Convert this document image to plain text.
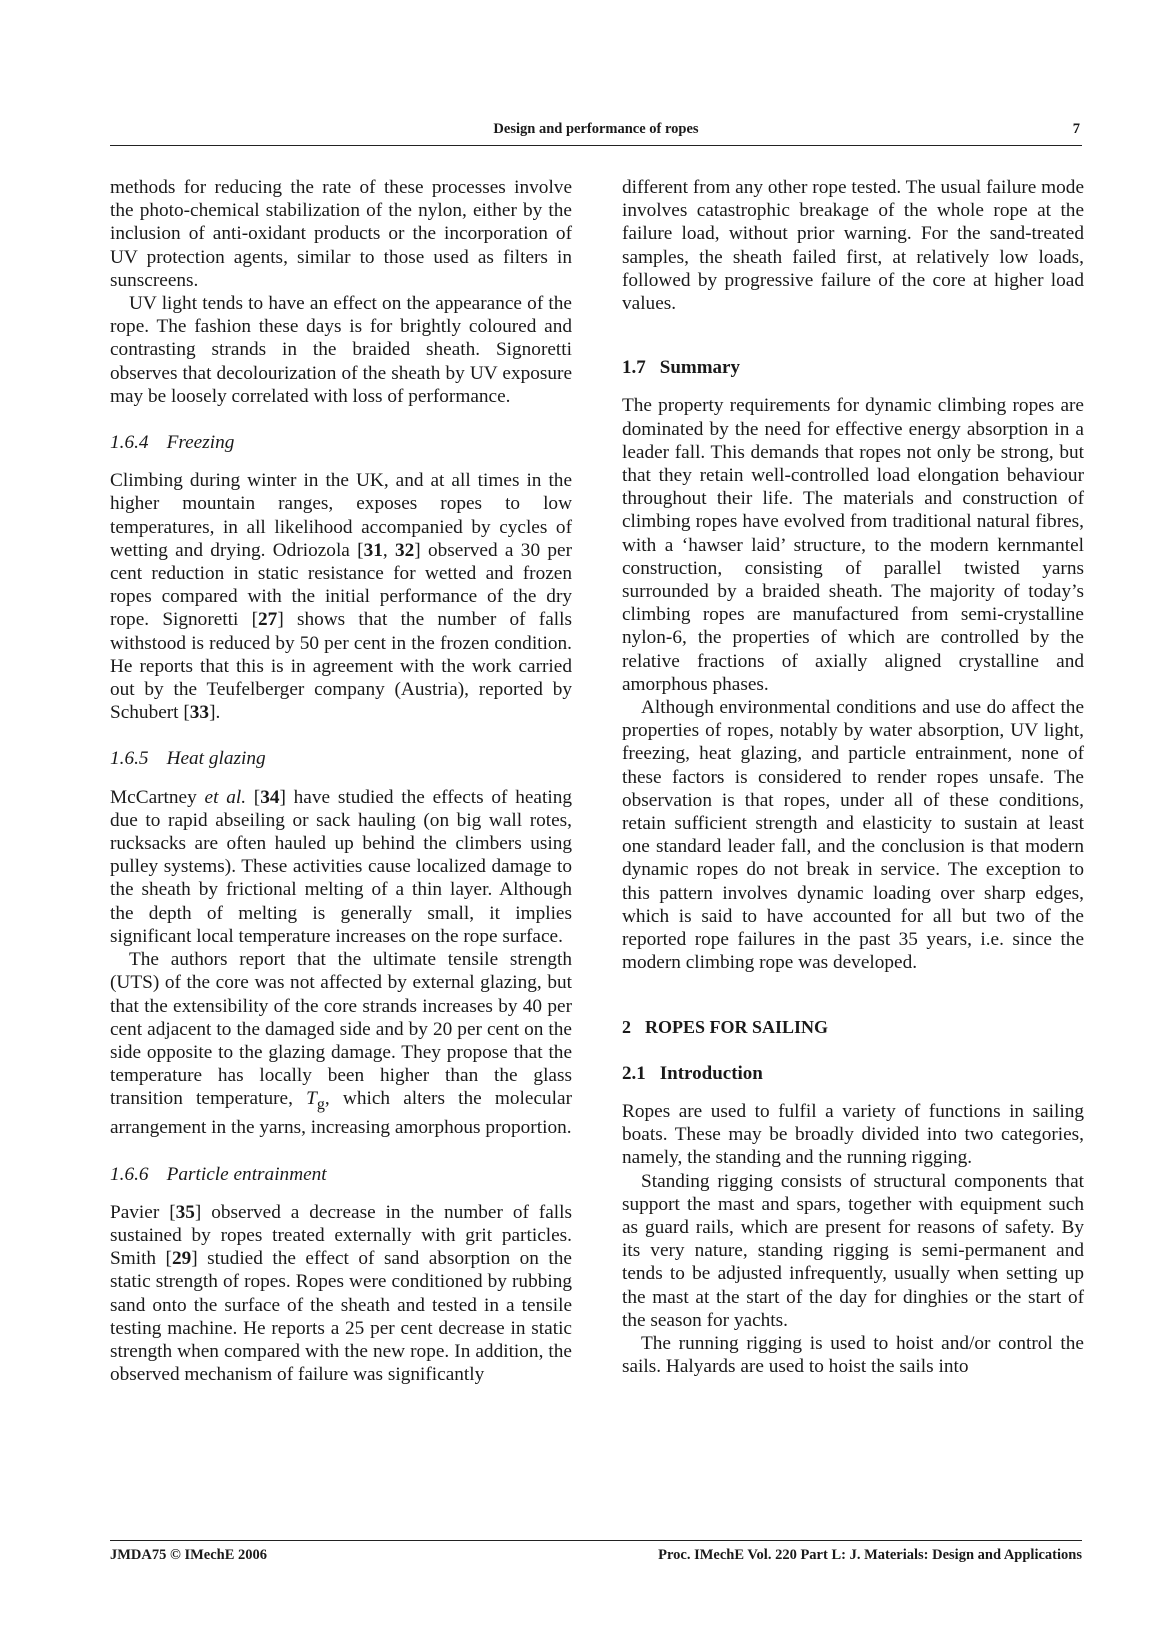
Design and performance of ropes	7

methods for reducing the rate of these processes involve the photo-chemical stabilization of the nylon, either by the inclusion of anti-oxidant products or the incorporation of UV protection agents, similar to those used as filters in sunscreens.

UV light tends to have an effect on the appearance of the rope. The fashion these days is for brightly coloured and contrasting strands in the braided sheath. Signoretti observes that decolourization of the sheath by UV exposure may be loosely correlated with loss of performance.

1.6.4 Freezing

Climbing during winter in the UK, and at all times in the higher mountain ranges, exposes ropes to low temperatures, in all likelihood accompanied by cycles of wetting and drying. Odriozola [31, 32] observed a 30 per cent reduction in static resistance for wetted and frozen ropes compared with the initial performance of the dry rope. Signoretti [27] shows that the number of falls withstood is reduced by 50 per cent in the frozen condition. He reports that this is in agreement with the work carried out by the Teufelberger company (Austria), reported by Schubert [33].

1.6.5 Heat glazing

McCartney et al. [34] have studied the effects of heating due to rapid abseiling or sack hauling (on big wall rotes, rucksacks are often hauled up behind the climbers using pulley systems). These activities cause localized damage to the sheath by frictional melting of a thin layer. Although the depth of melting is generally small, it implies significant local temperature increases on the rope surface.

The authors report that the ultimate tensile strength (UTS) of the core was not affected by external glazing, but that the extensibility of the core strands increases by 40 per cent adjacent to the damaged side and by 20 per cent on the side opposite to the glazing damage. They propose that the temperature has locally been higher than the glass transition temperature, $T_g$, which alters the molecular arrangement in the yarns, increasing amorphous proportion.

1.6.6 Particle entrainment

Pavier [35] observed a decrease in the number of falls sustained by ropes treated externally with grit particles. Smith [29] studied the effect of sand absorption on the static strength of ropes. Ropes were conditioned by rubbing sand onto the surface of the sheath and tested in a tensile testing machine. He reports a 25 per cent decrease in static strength when compared with the new rope. In addition, the observed mechanism of failure was significantly

different from any other rope tested. The usual failure mode involves catastrophic breakage of the whole rope at the failure load, without prior warning. For the sand-treated samples, the sheath failed first, at relatively low loads, followed by progressive failure of the core at higher load values.

1.7 Summary

The property requirements for dynamic climbing ropes are dominated by the need for effective energy absorption in a leader fall. This demands that ropes not only be strong, but that they retain well-controlled load elongation behaviour throughout their life. The materials and construction of climbing ropes have evolved from traditional natural fibres, with a ‘hawser laid’ structure, to the modern kernmantel construction, consisting of parallel twisted yarns surrounded by a braided sheath. The majority of today’s climbing ropes are manufactured from semi-crystalline nylon-6, the properties of which are controlled by the relative fractions of axially aligned crystalline and amorphous phases.

Although environmental conditions and use do affect the properties of ropes, notably by water absorption, UV light, freezing, heat glazing, and particle entrainment, none of these factors is considered to render ropes unsafe. The observation is that ropes, under all of these conditions, retain sufficient strength and elasticity to sustain at least one standard leader fall, and the conclusion is that modern dynamic ropes do not break in service. The exception to this pattern involves dynamic loading over sharp edges, which is said to have accounted for all but two of the reported rope failures in the past 35 years, i.e. since the modern climbing rope was developed.

2 ROPES FOR SAILING
2.1 Introduction

Ropes are used to fulfil a variety of functions in sailing boats. These may be broadly divided into two categories, namely, the standing and the running rigging.

Standing rigging consists of structural components that support the mast and spars, together with equipment such as guard rails, which are present for reasons of safety. By its very nature, standing rigging is semi-permanent and tends to be adjusted infrequently, usually when setting up the mast at the start of the day for dinghies or the start of the season for yachts.

The running rigging is used to hoist and/or control the sails. Halyards are used to hoist the sails into

JMDA75 © IMechE 2006	Proc. IMechE Vol. 220 Part L: J. Materials: Design and Applications
